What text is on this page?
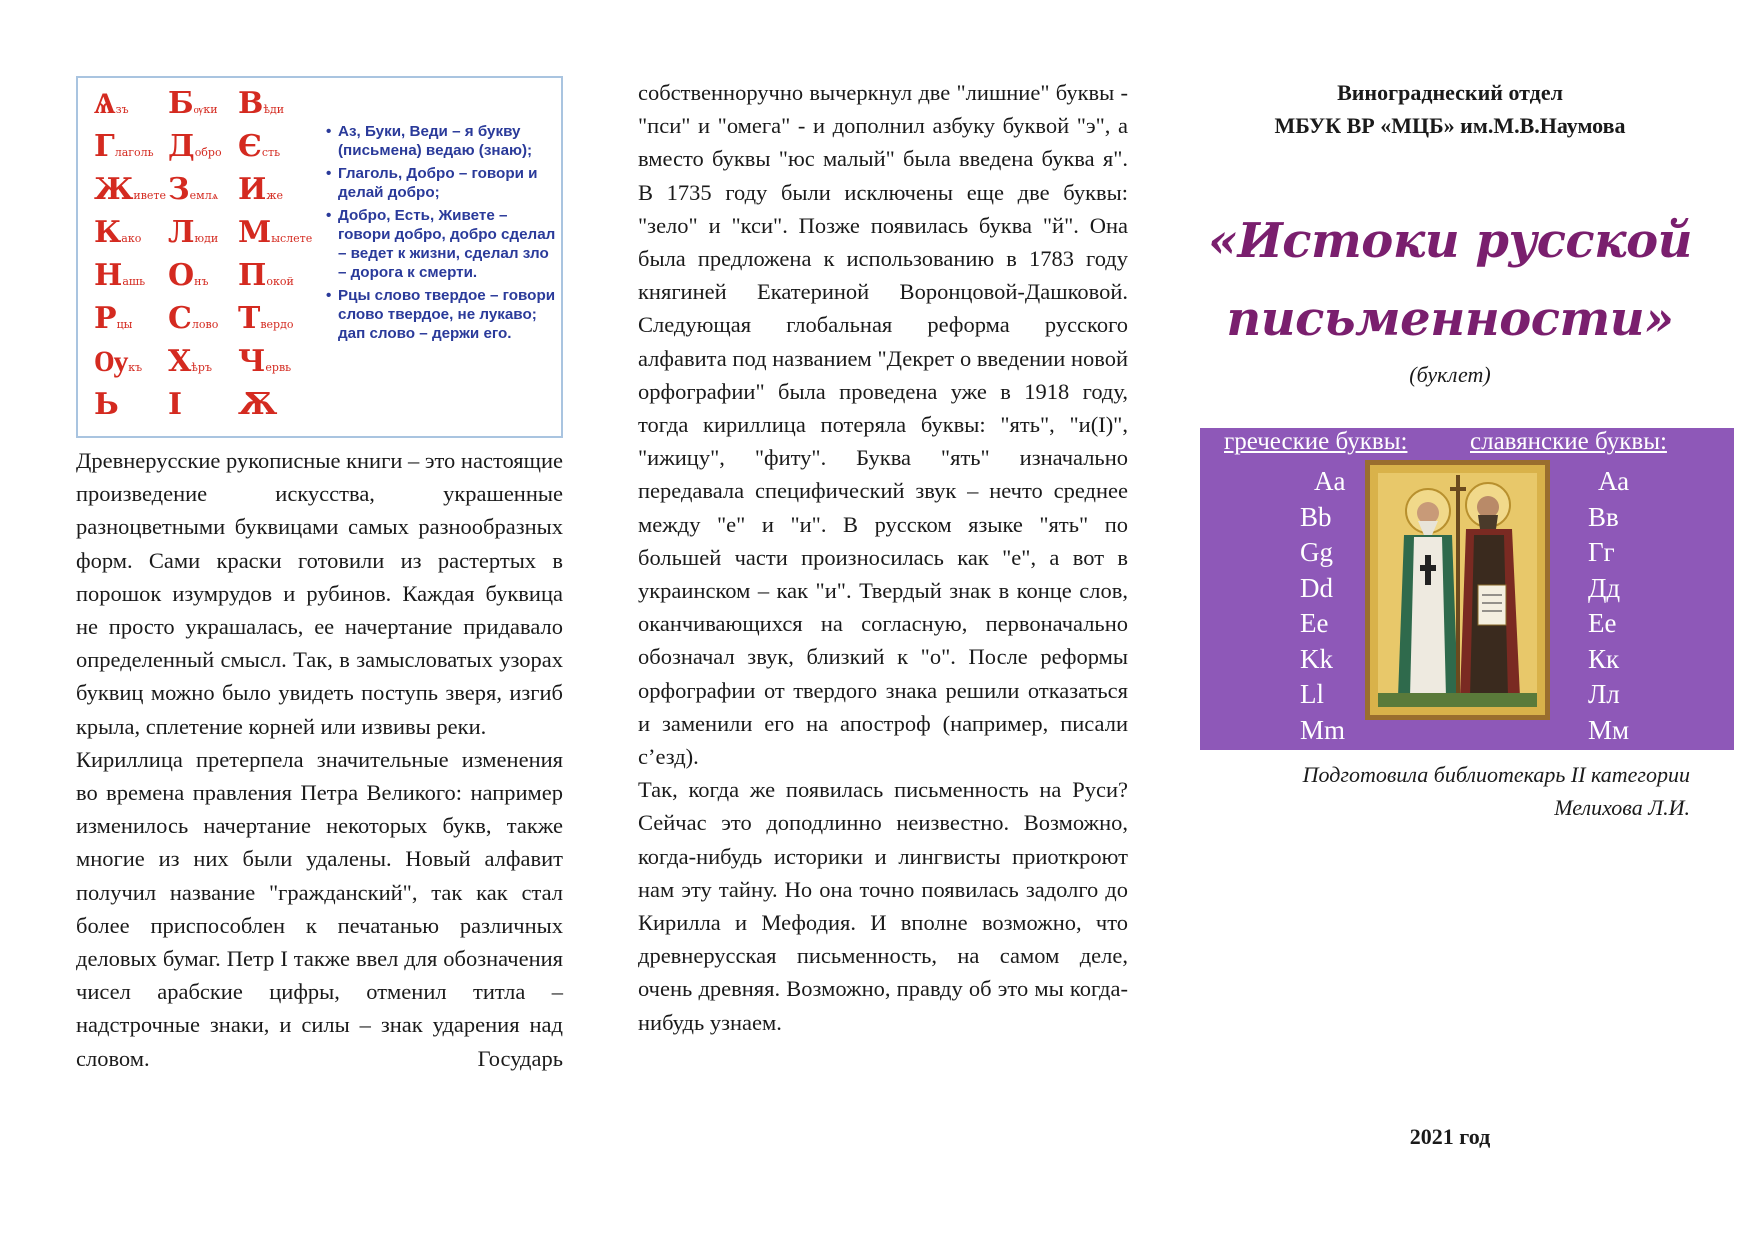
Ѧзъ Бѹки Вѣди
Глаголь Добро Єсть
Живете Землѧ Иже
Како Люди Мыслете
Нашь Онъ Покой
Рцы Слово Твердо
Ѹкъ Хѣръ Червь
Ь І Ѫ
• Аз, Буки, Веди – я букву (письмена) ведаю (знаю);
• Глаголь, Добро – говори и делай добро;
• Добро, Есть, Живете – говори добро, добро сделал – ведет к жизни, сделал зло – дорога к смерти.
• Рцы слово твердое – говори слово твердое, не лукаво; дап слово – держи его.

Древнерусские рукописные книги – это настоящие произведение искусства, украшенные разноцветными буквицами самых разнообразных форм. Сами краски готовили из растертых в порошок изумрудов и рубинов. Каждая буквица не просто украшалась, ее начертание придавало определенный смысл. Так, в замысловатых узорах буквиц можно было увидеть поступь зверя, изгиб крыла, сплетение корней или извивы реки.

Кириллица претерпела значительные изменения во времена правления Петра Великого: например изменилось начертание некоторых букв, также многие из них были удалены. Новый алфавит получил название "гражданский", так как стал более приспособлен к печатанью различных деловых бумаг. Петр I также ввел для обозначения чисел арабские цифры, отменил титла – надстрочные знаки, и силы – знак ударения над словом. Государь

собственноручно вычеркнул две "лишние" буквы - "пси" и "омега" - и дополнил азбуку буквой "э", а вместо буквы "юс малый" была введена буква я". В 1735 году были исключены еще две буквы: "зело" и "кси". Позже появилась буква "й". Она была предложена к использованию в 1783 году княгиней Екатериной Воронцовой-Дашковой. Следующая глобальная реформа русского алфавита под названием "Декрет о введении новой орфографии" была проведена уже в 1918 году, тогда кириллица потеряла буквы: "ять", "и(I)", "ижицу", "фиту". Буква "ять" изначально передавала специфический звук – нечто среднее между "е" и "и". В русском языке "ять" по большей части произносилась как "е", а вот в украинском – как "и". Твердый знак в конце слов, оканчивающихся на согласную, первоначально обозначал звук, близкий к "о". После реформы орфографии от твердого знака решили отказаться и заменили его на апостроф (например, писали с’езд).

Так, когда же появилась письменность на Руси? Сейчас это доподлинно неизвестно. Возможно, когда-нибудь историки и лингвисты приоткроют нам эту тайну. Но она точно появилась задолго до Кирилла и Мефодия. И вполне возможно, что древнерусская письменность, на самом деле, очень древняя. Возможно, правду об это мы когда-нибудь узнаем.

Винограднеский отдел
МБУК ВР «МЦБ» им.М.В.Наумова
«Истоки русской
письменности»
(буклет)
греческие буквы:	славянские буквы:
Aa
Bb
Gg
Dd
Ee
Kk
Ll
Mm
Аа
Вв
Гг
Дд
Ее
Кк
Лл
Мм
Подготовила библиотекарь II категории
Мелихова Л.И.
2021 год
